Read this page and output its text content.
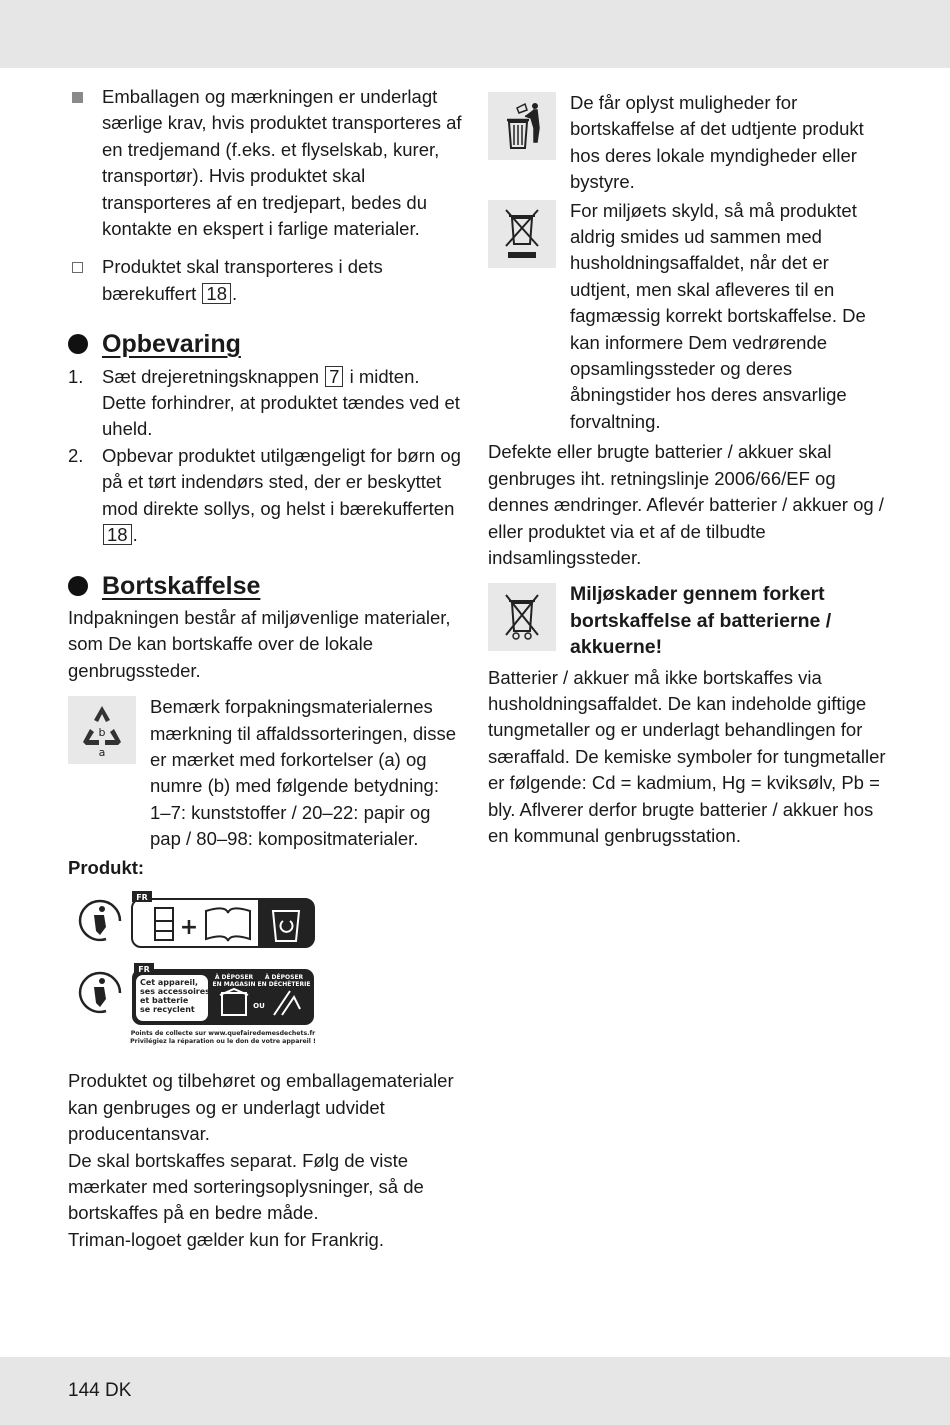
Emballagen og mærkningen er underlagt særlige krav, hvis produktet transporteres af en tredjemand (f.eks. et flyselskab, kurer, transportør). Hvis produktet skal transporteres af en tredjepart, bedes du kontakte en ekspert i farlige materialer.
Produktet skal transporteres i dets bærekuffert 18 .
Opbevaring
1.	Sæt drejeretningsknappen 7 i midten. Dette forhindrer, at produktet tændes ved et uheld.
2.	Opbevar produktet utilgængeligt for børn og på et tørt indendørs sted, der er beskyttet mod direkte sollys, og helst i bærekufferten 18 .
Bortskaffelse

Indpakningen består af miljøvenlige materialer, som De kan bortskaffe over de lokale genbrugssteder.

b
a
Bemærk forpakningsmaterialernes mærkning til affaldssorteringen, disse er mærket med forkortelser (a) og numre (b) med følgende betydning: 1–7: kunststoffer / 20–22: papir og pap / 80–98: kompositmaterialer.
Produkt:
FR
+
FR
Cet appareil,
ses accessoires,
et batterie
se recyclent
À DÉPOSER
EN MAGASIN
À DÉPOSER
EN DÉCHÈTERIE
OU
Points de collecte sur www.quefairedemesdechets.fr
Privilégiez la réparation ou le don de votre appareil !

Produktet og tilbehøret og emballagematerialer kan genbruges og er underlagt udvidet producentansvar.

De skal bortskaffes separat. Følg de viste mærkater med sorteringsoplysninger, så de bortskaffes på en bedre måde.

Triman-logoet gælder kun for Frankrig.

De får oplyst muligheder for bortskaffelse af det udtjente produkt hos deres lokale myndigheder eller bystyre.
For miljøets skyld, så må produktet aldrig smides ud sammen med husholdningsaffaldet, når det er udtjent, men skal afleveres til en fagmæssig korrekt bortskaffelse. De kan informere Dem vedrørende opsamlingssteder og deres åbningstider hos deres ansvarlige forvaltning.

Defekte eller brugte batterier / akkuer skal genbruges iht. retningslinje 2006/66/EF og dennes ændringer. Aflevér batterier / akkuer og / eller produktet via et af de tilbudte indsamlingssteder.

Miljøskader gennem forkert bortskaffelse af batterierne / akkuerne!

Batterier / akkuer må ikke bortskaffes via husholdningsaffaldet. De kan indeholde giftige tungmetaller og er underlagt behandlingen for særaffald. De kemiske symboler for tungmetaller er følgende: Cd = kadmium, Hg = kviksølv, Pb = bly. Aflverer derfor brugte batterier / akkuer hos en kommunal genbrugsstation.

144 DK
